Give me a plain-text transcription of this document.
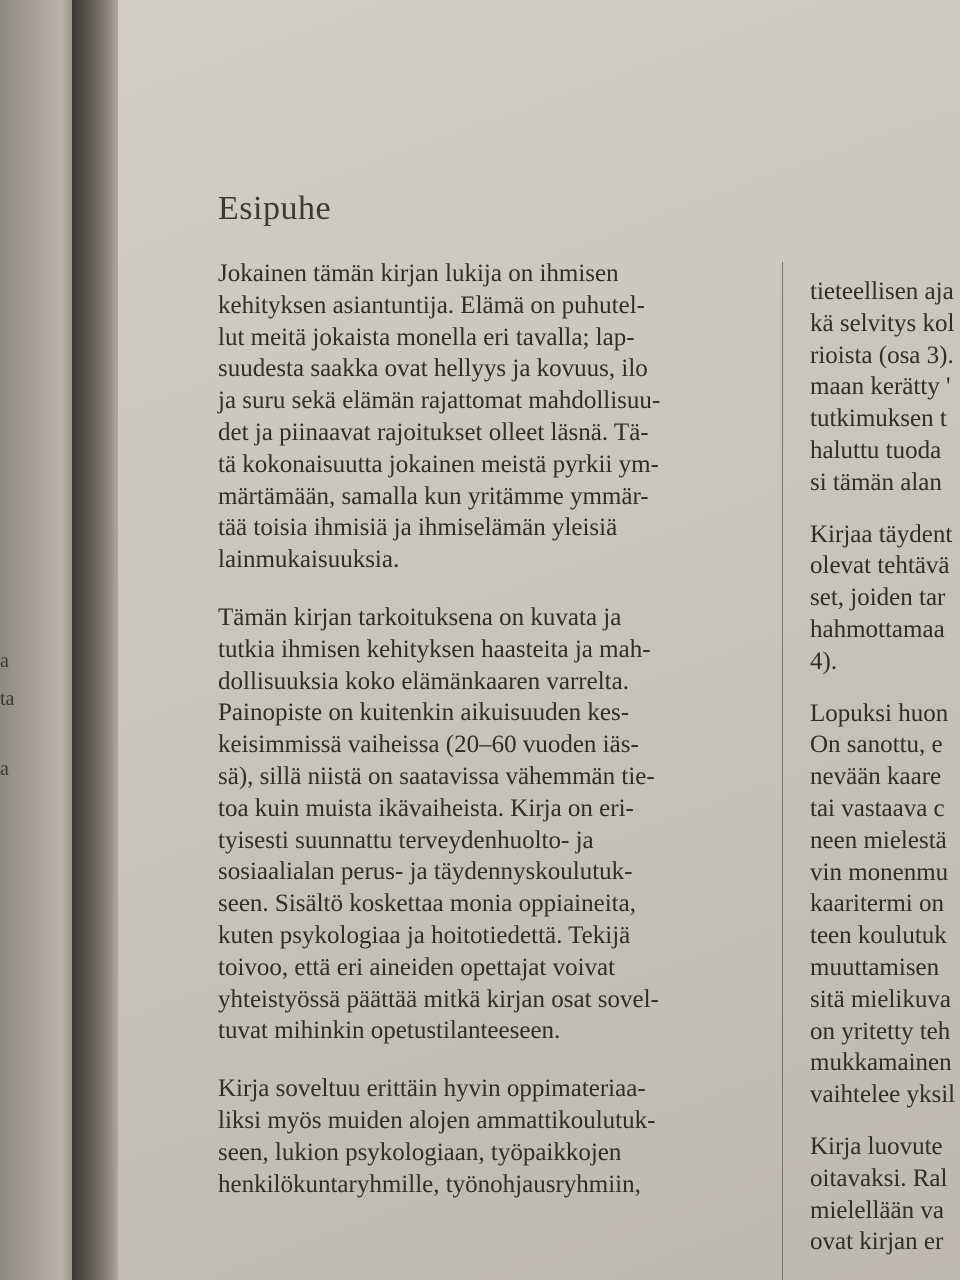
a
ta
a
Esipuhe
Jokainen tämän kirjan lukija on ihmisen
kehityksen asiantuntija. Elämä on puhutel-
lut meitä jokaista monella eri tavalla; lap-
suudesta saakka ovat hellyys ja kovuus, ilo
ja suru sekä elämän rajattomat mahdollisuu-
det ja piinaavat rajoitukset olleet läsnä. Tä-
tä kokonaisuutta jokainen meistä pyrkii ym-
märtämään, samalla kun yritämme ymmär-
tää toisia ihmisiä ja ihmiselämän yleisiä
lainmukaisuuksia.
Tämän kirjan tarkoituksena on kuvata ja
tutkia ihmisen kehityksen haasteita ja mah-
dollisuuksia koko elämänkaaren varrelta.
Painopiste on kuitenkin aikuisuuden kes-
keisimmissä vaiheissa (20–60 vuoden iäs-
sä), sillä niistä on saatavissa vähemmän tie-
toa kuin muista ikävaiheista. Kirja on eri-
tyisesti suunnattu terveydenhuolto- ja
sosiaalialan perus- ja täydennyskoulutuk-
seen. Sisältö koskettaa monia oppiaineita,
kuten psykologiaa ja hoitotiedettä. Tekijä
toivoo, että eri aineiden opettajat voivat
yhteistyössä päättää mitkä kirjan osat sovel-
tuvat mihinkin opetustilanteeseen.
Kirja soveltuu erittäin hyvin oppimateriaa-
liksi myös muiden alojen ammattikoulutuk-
seen, lukion psykologiaan, työpaikkojen
henkilökuntaryhmille, työnohjausryhmiin,
tieteellisen aja
kä selvitys kol
rioista (osa 3).
maan kerätty '
tutkimuksen t
haluttu tuoda
si tämän alan
Kirjaa täydent
olevat tehtävä
set, joiden tar
hahmottamaa
4).
Lopuksi huon
On sanottu, e
nevään kaare
tai vastaava c
neen mielestä
vin monenmu
kaaritermi on
teen koulutuk
muuttamisen
sitä mielikuva
on yritetty teh
mukkamainen
vaihtelee yksil
Kirja luovute
oitavaksi. Ral
mielellään va
ovat kirjan er
